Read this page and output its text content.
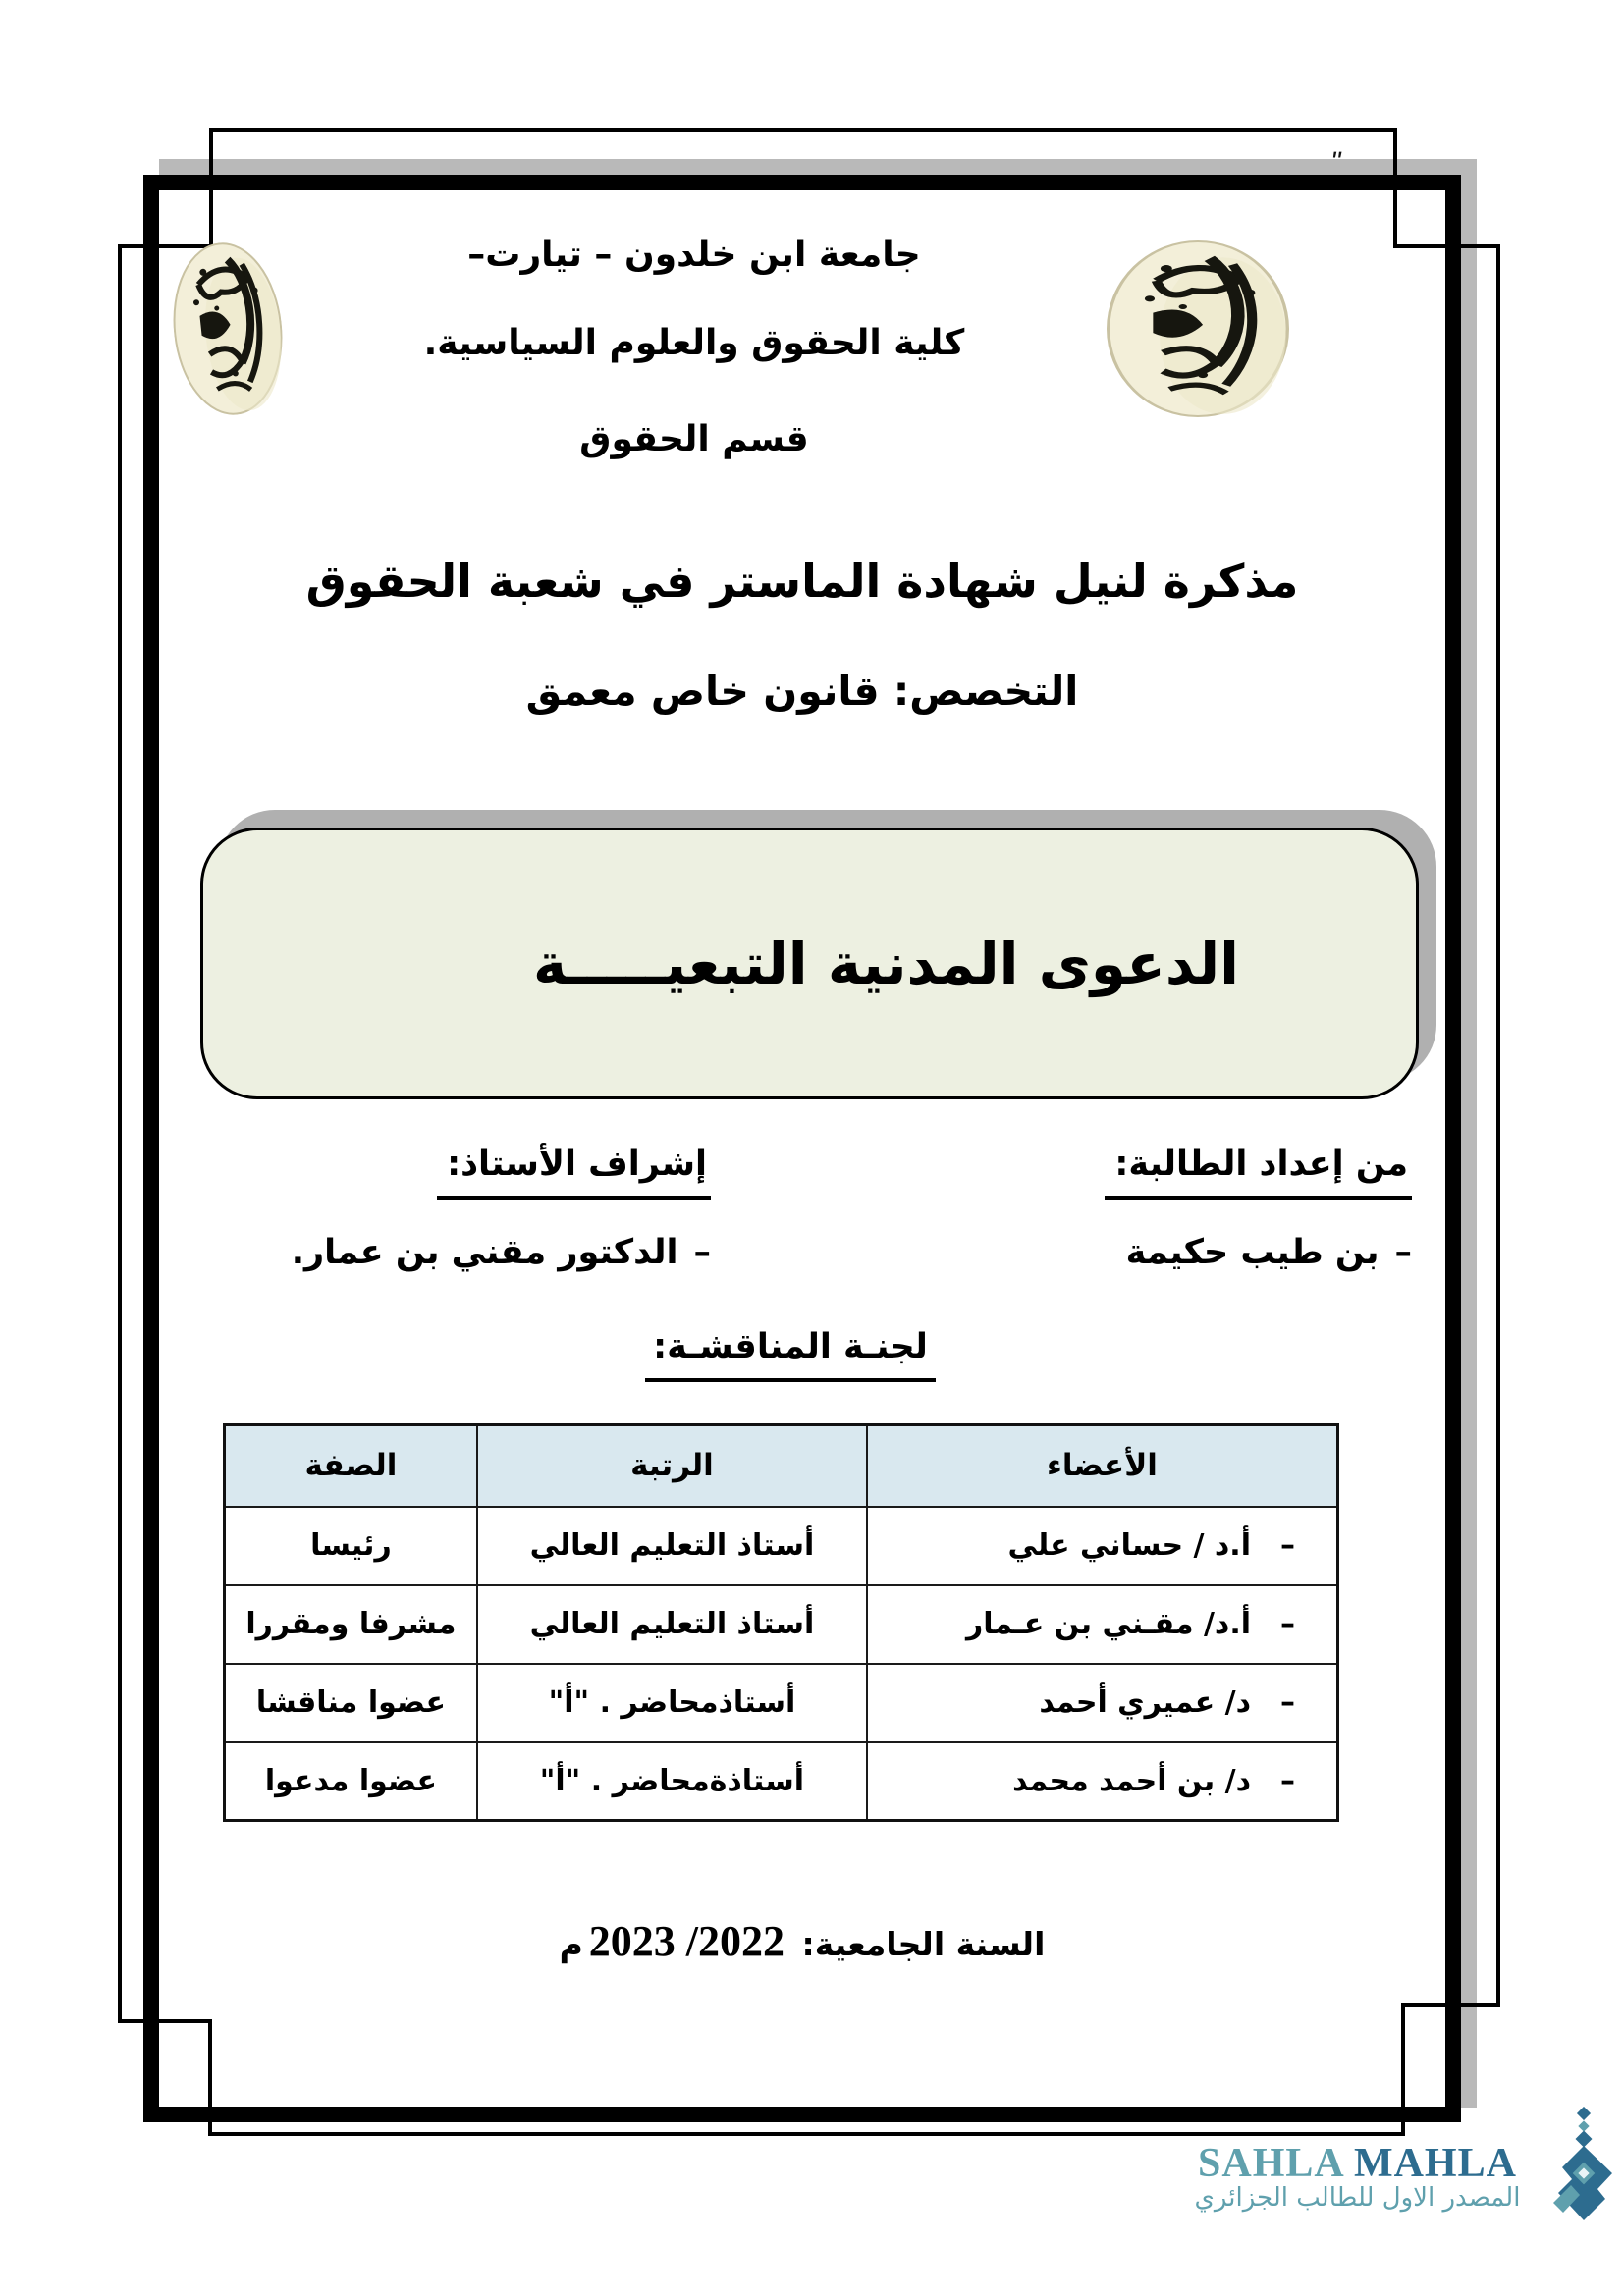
ʺ
جامعة ابن خلدون – تيارت–
كلية الحقوق والعلوم السياسية.
قسم الحقوق
مذكرة لنيل شهادة الماستر في شعبة الحقوق
التخصص: قانون خاص معمق
الدعوى المدنية التبعيـــــة
من إعداد الطالبة:
–بن طيب حكيمة
إشراف الأستاذ:
–الدكتور مقني بن عمار.
لجنـة المناقشـة:
الأعضاء	الرتبة	الصفة
–أ.د / حساني علي	أستاذ التعليم العالي	رئيسا
–أ.د/ مقـني بن عـمار	أستاذ التعليم العالي	مشرفا ومقررا
–د/ عميري أحمد	أستاذمحاضر . "أ"	عضوا مناقشا
–د/ بن أحمد محمد	أستاذةمحاضر . "أ"	عضوا مدعوا
السنة الجامعية: 2022/ 2023م
SAHLA MAHLA
المصدر الاول للطالب الجزائري
